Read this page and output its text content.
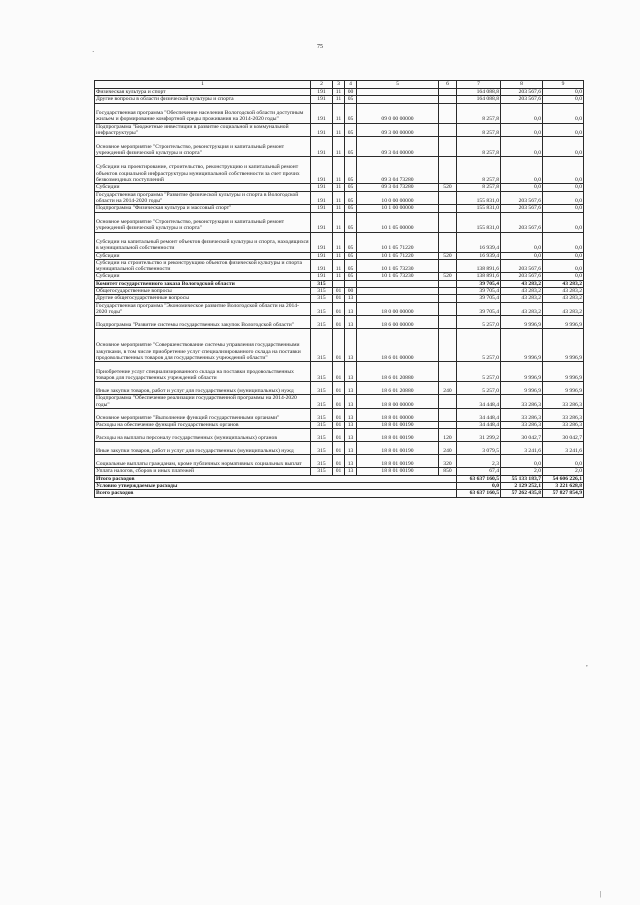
75
1	2	3	4	5	6	7	8	9
Физическая культура и спорт	191	11	00			164 088,8	203 567,6	0,0
Другие вопросы в области физической культуры и спорта	191	11	05			164 088,8	203 567,6	0,0
Государственная программа "Обеспечение населения Вологодской области доступным жильем и формирование комфортной среды проживания на 2014-2020 годы"	191	11	05	09 0 00 00000		8 257,8	0,0	0,0
Подпрограмма "Бюджетные инвестиции в развитие социальной и коммунальной инфраструктуры"	191	11	05	09 3 00 00000		8 257,8	0,0	0,0
Основное мероприятие "Строительство, реконструкция и капитальный ремонт учреждений физической культуры и спорта"	191	11	05	09 3 04 00000		8 257,8	0,0	0,0
Субсидии на проектирование, строительство, реконструкцию и капитальный ремонт объектов социальной инфраструктуры муниципальной собственности за счет прочих безвозмездных поступлений	191	11	05	09 3 04 73280		8 257,8	0,0	0,0
Субсидии	191	11	05	09 3 04 73280	520	8 257,8	0,0	0,0
Государственная программа "Развитие физической культуры и спорта в Вологодской области на 2014-2020 годы"	191	11	05	10 0 00 00000		155 831,0	203 567,6	0,0
Подпрограмма "Физическая культура и массовый спорт"	191	11	05	10 1 00 00000		155 831,0	203 567,6	0,0
Основное мероприятие "Строительство, реконструкция и капитальный ремонт учреждений физической культуры и спорта"	191	11	05	10 1 05 00000		155 831,0	203 567,6	0,0
Субсидии на капитальный ремонт объектов физической культуры и спорта, находящихся в муниципальной собственности	191	11	05	10 1 05 71220		16 939,4	0,0	0,0
Субсидии	191	11	05	10 1 05 71220	520	16 939,4	0,0	0,0
Субсидии на строительство и реконструкцию объектов физической культуры и спорта муниципальной собственности	191	11	05	10 1 05 73230		138 891,6	203 567,6	0,0
Субсидии	191	11	05	10 1 05 73230	520	138 891,6	203 567,6	0,0
Комитет государственного заказа Вологодской области	315					39 705,4	43 283,2	43 283,2
Общегосударственные вопросы	315	01	00			39 705,4	43 283,2	43 283,2
Другие общегосударственные вопросы	315	01	13			39 705,4	43 283,2	43 283,2
Государственная программа "Экономическое развитие Вологодской области на 2014-2020 годы"	315	01	13	18 0 00 00000		39 705,4	43 283,2	43 283,2
Подпрограмма "Развитие системы государственных закупок Вологодской области"	315	01	13	18 6 00 00000		5 257,0	9 996,9	9 996,9
Основное мероприятие "Совершенствование системы управления государственными закупками, в том числе приобретение услуг специализированного склада на поставки продовольственных товаров для государственных учреждений области"	315	01	13	18 6 01 00000		5 257,0	9 996,9	9 996,9
Приобретение услуг специализированного склада на поставки продовольственных товаров для государственных учреждений области	315	01	13	18 6 01 20880		5 257,0	9 996,9	9 996,9
Иные закупки товаров, работ и услуг для государственных (муниципальных) нужд	315	01	13	18 6 01 20880	240	5 257,0	9 996,9	9 996,9
Подпрограмма "Обеспечение реализации государственной программы на 2014-2020 годы"	315	01	13	18 8 00 00000		34 448,4	33 286,3	33 286,3
Основное мероприятие "Выполнение функций государственными органами"	315	01	13	18 8 01 00000		34 448,4	33 286,3	33 286,3
Расходы на обеспечение функций государственных органов	315	01	13	18 8 01 00190		34 448,4	33 286,3	33 286,3
Расходы на выплаты персоналу государственных (муниципальных) органов	315	01	13	18 8 01 00190	120	31 299,2	30 042,7	30 042,7
Иные закупки товаров, работ и услуг для государственных (муниципальных) нужд	315	01	13	18 8 01 00190	240	3 079,5	3 241,6	3 241,6
Социальные выплаты гражданам, кроме публичных нормативных социальных выплат	315	01	13	18 8 01 00190	320	2,3	0,0	0,0
Уплата налогов, сборов и иных платежей	315	01	13	18 8 01 00190	850	67,4	2,0	2,0
Итого расходов						63 637 160,5	55 133 183,7	54 606 226,1
Условно утверждаемые расходы						0,0	2 129 252,1	3 221 628,8
Всего расходов						63 637 160,5	57 262 435,8	57 827 854,9
·
,
|
